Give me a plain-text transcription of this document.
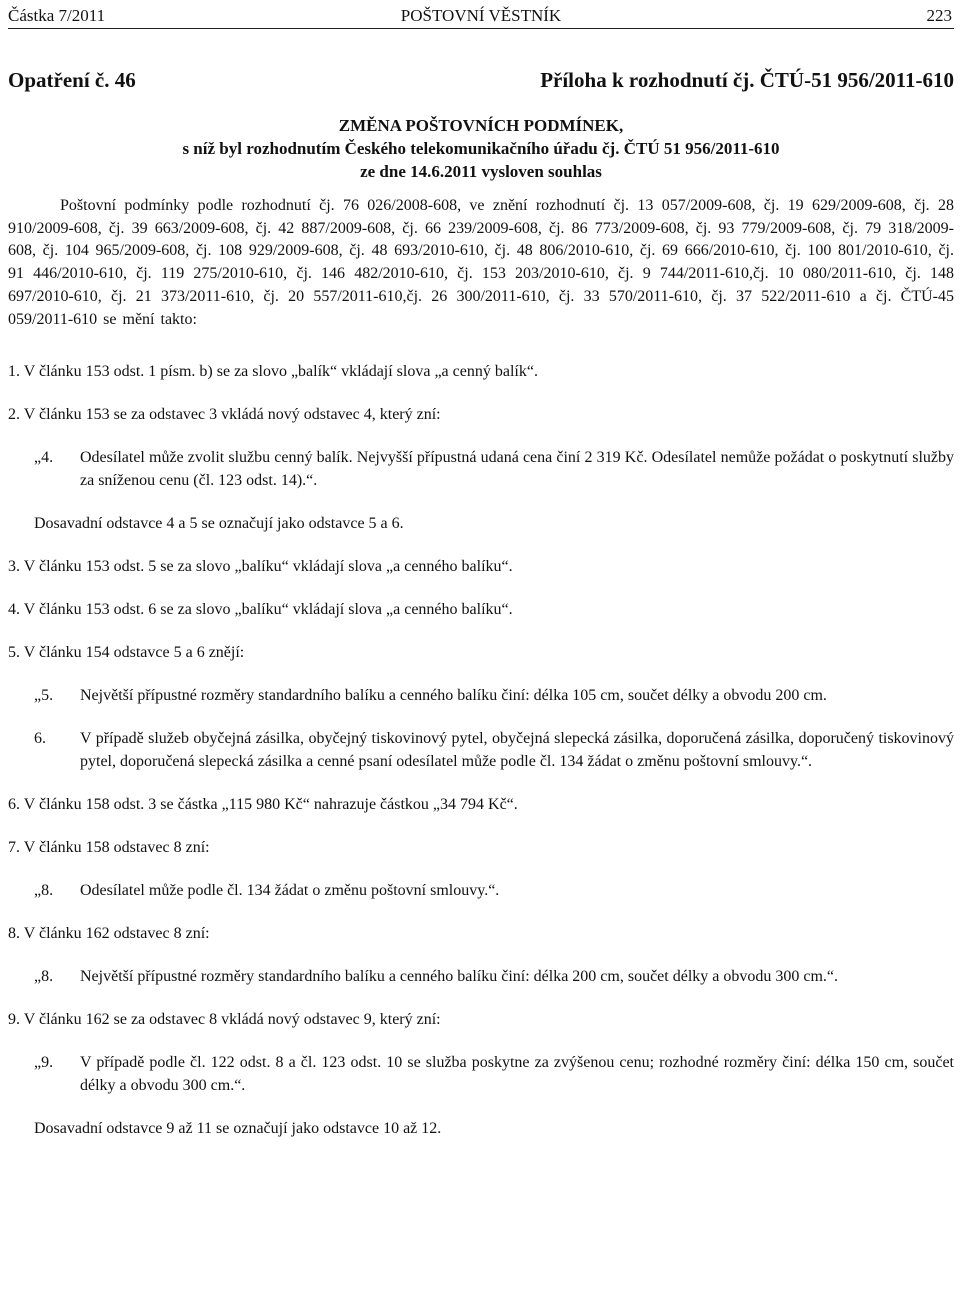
Částka 7/2011	POŠTOVNÍ VĚSTNÍK	223
Opatření č. 46	Příloha k rozhodnutí čj. ČTÚ-51 956/2011-610
ZMĚNA POŠTOVNÍCH PODMÍNEK,
s níž byl rozhodnutím Českého telekomunikačního úřadu čj. ČTÚ 51 956/2011-610
ze dne 14.6.2011 vysloven souhlas

Poštovní podmínky podle rozhodnutí čj. 76 026/2008-608, ve znění rozhodnutí čj. 13 057/2009-608, čj. 19 629/2009-608, čj. 28 910/2009-608, čj. 39 663/2009-608, čj. 42 887/2009-608, čj. 66 239/2009-608, čj. 86 773/2009-608, čj. 93 779/2009-608, čj. 79 318/2009-608, čj. 104 965/2009-608, čj. 108 929/2009-608, čj. 48 693/2010-610, čj. 48 806/2010-610, čj. 69 666/2010-610, čj. 100 801/2010-610, čj. 91 446/2010-610, čj. 119 275/2010-610, čj. 146 482/2010-610, čj. 153 203/2010-610, čj. 9 744/2011-610,čj. 10 080/2011-610, čj. 148 697/2010-610, čj. 21 373/2011-610, čj. 20 557/2011-610,čj. 26 300/2011-610, čj. 33 570/2011-610, čj. 37 522/2011-610 a čj. ČTÚ-45 059/2011-610 se mění takto:

1. V článku 153 odst. 1 písm. b) se za slovo „balík“ vkládají slova „a cenný balík“.

2. V článku 153 se za odstavec 3 vkládá nový odstavec 4, který zní:

„4.	Odesílatel může zvolit službu cenný balík. Nejvyšší přípustná udaná cena činí 2 319 Kč. Odesílatel nemůže požádat o poskytnutí služby za sníženou cenu (čl. 123 odst. 14).“.

Dosavadní odstavce 4 a 5 se označují jako odstavce 5 a 6.

3. V článku 153 odst. 5 se za slovo „balíku“ vkládají slova „a cenného balíku“.

4. V článku 153 odst. 6 se za slovo „balíku“ vkládají slova „a cenného balíku“.

5. V článku 154 odstavce 5 a 6 znějí:

„5.	Největší přípustné rozměry standardního balíku a cenného balíku činí: délka 105 cm, součet délky a obvodu 200 cm.
6.	V případě služeb obyčejná zásilka, obyčejný tiskovinový pytel, obyčejná slepecká zásilka, doporučená zásilka, doporučený tiskovinový pytel, doporučená slepecká zásilka a cenné psaní odesílatel může podle čl. 134 žádat o změnu poštovní smlouvy.“.

6. V článku 158 odst. 3 se částka „115 980 Kč“ nahrazuje částkou „34 794 Kč“.

7. V článku 158 odstavec 8 zní:

„8.	Odesílatel může podle čl. 134 žádat o změnu poštovní smlouvy.“.

8. V článku 162 odstavec 8 zní:

„8.	Největší přípustné rozměry standardního balíku a cenného balíku činí: délka 200 cm, součet délky a obvodu 300 cm.“.

9. V článku 162 se za odstavec 8 vkládá nový odstavec 9, který zní:

„9.	V případě podle čl. 122 odst. 8 a čl. 123 odst. 10 se služba poskytne za zvýšenou cenu; rozhodné rozměry činí: délka 150 cm, součet délky a obvodu 300 cm.“.

Dosavadní odstavce 9 až 11 se označují jako odstavce 10 až 12.
